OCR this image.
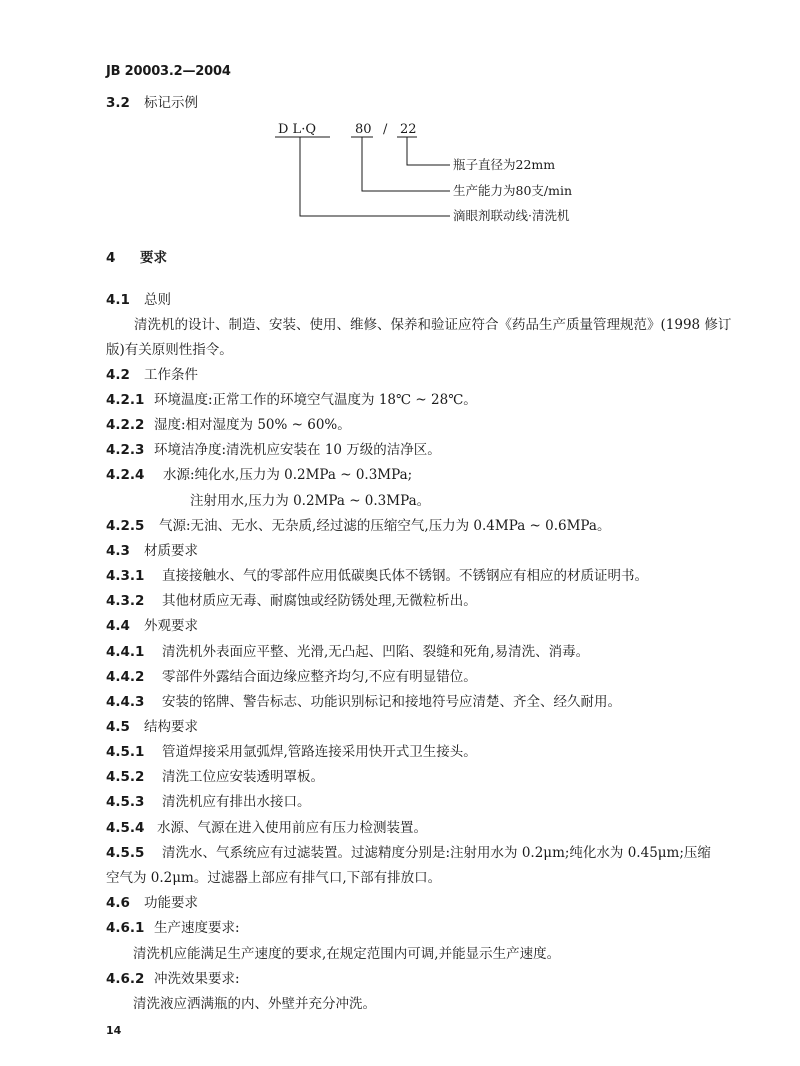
JB 20003.2—2004
3.2 标记示例
D L·Q	80 / 22
瓶子直径为22mm
生产能力为80支/min
滴眼剂联动线·清洗机
4 要求
4.1 总则
清洗机的设计、制造、安装、使用、维修、保养和验证应符合《药品生产质量管理规范》(1998 修订
版)有关原则性指令。
4.2 工作条件
4.2.1 环境温度:正常工作的环境空气温度为 18℃ ~ 28℃。
4.2.2 湿度:相对湿度为 50% ~ 60%。
4.2.3 环境洁净度:清洗机应安装在 10 万级的洁净区。
4.2.4 水源:纯化水,压力为 0.2MPa ~ 0.3MPa;
注射用水,压力为 0.2MPa ~ 0.3MPa。
4.2.5 气源:无油、无水、无杂质,经过滤的压缩空气,压力为 0.4MPa ~ 0.6MPa。
4.3 材质要求
4.3.1 直接接触水、气的零部件应用低碳奥氏体不锈钢。不锈钢应有相应的材质证明书。
4.3.2 其他材质应无毒、耐腐蚀或经防锈处理,无微粒析出。
4.4 外观要求
4.4.1 清洗机外表面应平整、光滑,无凸起、凹陷、裂缝和死角,易清洗、消毒。
4.4.2 零部件外露结合面边缘应整齐均匀,不应有明显错位。
4.4.3 安装的铭牌、警告标志、功能识别标记和接地符号应清楚、齐全、经久耐用。
4.5 结构要求
4.5.1 管道焊接采用氩弧焊,管路连接采用快开式卫生接头。
4.5.2 清洗工位应安装透明罩板。
4.5.3 清洗机应有排出水接口。
4.5.4 水源、气源在进入使用前应有压力检测装置。
4.5.5 清洗水、气系统应有过滤装置。过滤精度分别是:注射用水为 0.2μm;纯化水为 0.45μm;压缩
空气为 0.2μm。过滤器上部应有排气口,下部有排放口。
4.6 功能要求
4.6.1 生产速度要求:
清洗机应能满足生产速度的要求,在规定范围内可调,并能显示生产速度。
4.6.2 冲洗效果要求:
清洗液应洒满瓶的内、外壁并充分冲洗。
14
